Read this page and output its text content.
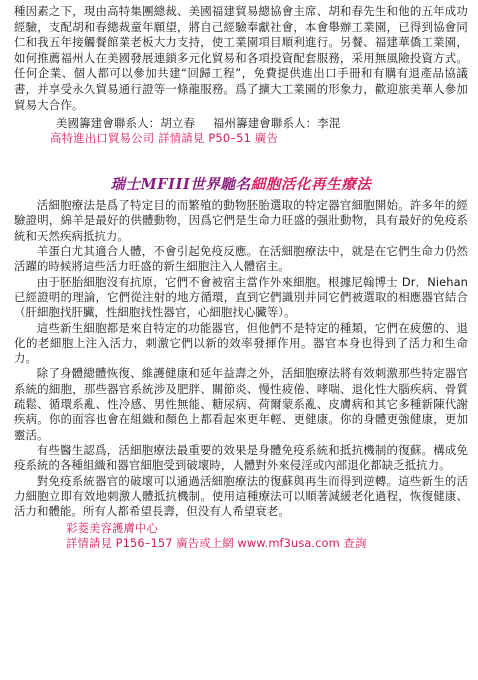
種因素之下，現由高特集團總裁、美國福建貿易總協會主席、胡和春先生和他的五年成功經驗，支配胡和春總裁童年願望，將自己經驗奉獻社會，本會舉辦工業園，已得到協會同仁和我五年接觸餐館業老板大力支持，使工業園項目順利進行。另餐、福建華僑工業園，如何推薦福州人在美國發展連鎖多元化貿易和各項投資配套服務，采用無風險投資方式。任何企業、個人都可以參加共建“回歸工程”，免費提供進出口手冊和有購有退產品協議書，并享受永久貿易通行證等一條龍服務。爲了擴大工業園的形象力，歡迎旅美華人參加貿易大合作。

美國籌建會聯系人：胡立春 福州籌建會聯系人：李混
高特進出口貿易公司 詳情請見 P50–51 廣告
瑞士MFIII世界馳名細胞活化再生療法

活細胞療法是爲了特定目的而繁殖的動物胚胎選取的特定器官細胞開始。許多年的經驗證明，綿羊是最好的供體動物，因爲它們是生命力旺盛的强壯動物，具有最好的免疫系統和天然疾病抵抗力。

羊蛋白尤其適合人體，不會引起免疫反應。在活細胞療法中，就是在它們生命力仍然活躍的時候將這些活力旺盛的新生細胞注入人體宿主。

由于胚胎細胞沒有抗原，它們不會被宿主當作外來細胞。根據尼翰博士 Dr．Niehan 已經證明的理論，它們從注射的地方循環，直到它們識別并同它們被選取的相應器官結合（肝細胞找肝臟，性細胞找性器官，心細胞找心臟等）。

這些新生細胞都是來自特定的功能器官，但他們不是特定的種類，它們在疲憊的、退化的老細胞上注入活力，刺激它們以新的效率發揮作用。器官本身也得到了活力和生命力。

除了身體總體恢復、維護健康和延年益壽之外，活細胞療法將有效刺激那些特定器官系統的細胞，那些器官系統涉及肥胖、關節炎、慢性疲倦、哮喘、退化性大腦疾病、骨質疏鬆、循環系亂、性冷感、男性無能、糖尿病、荷爾蒙系亂、皮膚病和其它多種新陳代謝疾病。你的面容也會在組織和顏色上都看起來更年輕、更健康。你的身體更強健康，更加靈活。

有些醫生認爲，活細胞療法最重要的效果是身體免疫系統和抵抗機制的復蘇。構成免疫系統的各種組織和器官細胞受到破壞時，人體對外來侵淫或內部退化都缺乏抵抗力。

對免疫系統器官的破壞可以通過活細胞療法的復蘇與再生而得到逆轉。這些新生的活力細胞立即有效地刺激人體抵抗機制。使用這種療法可以順著減緩老化過程，恢復健康、活力和體能。所有人都希望長壽，但没有人希望衰老。

彩菱美容護膚中心
詳情請見 P156–157 廣告或上網 www.mf3usa.com 查詢
